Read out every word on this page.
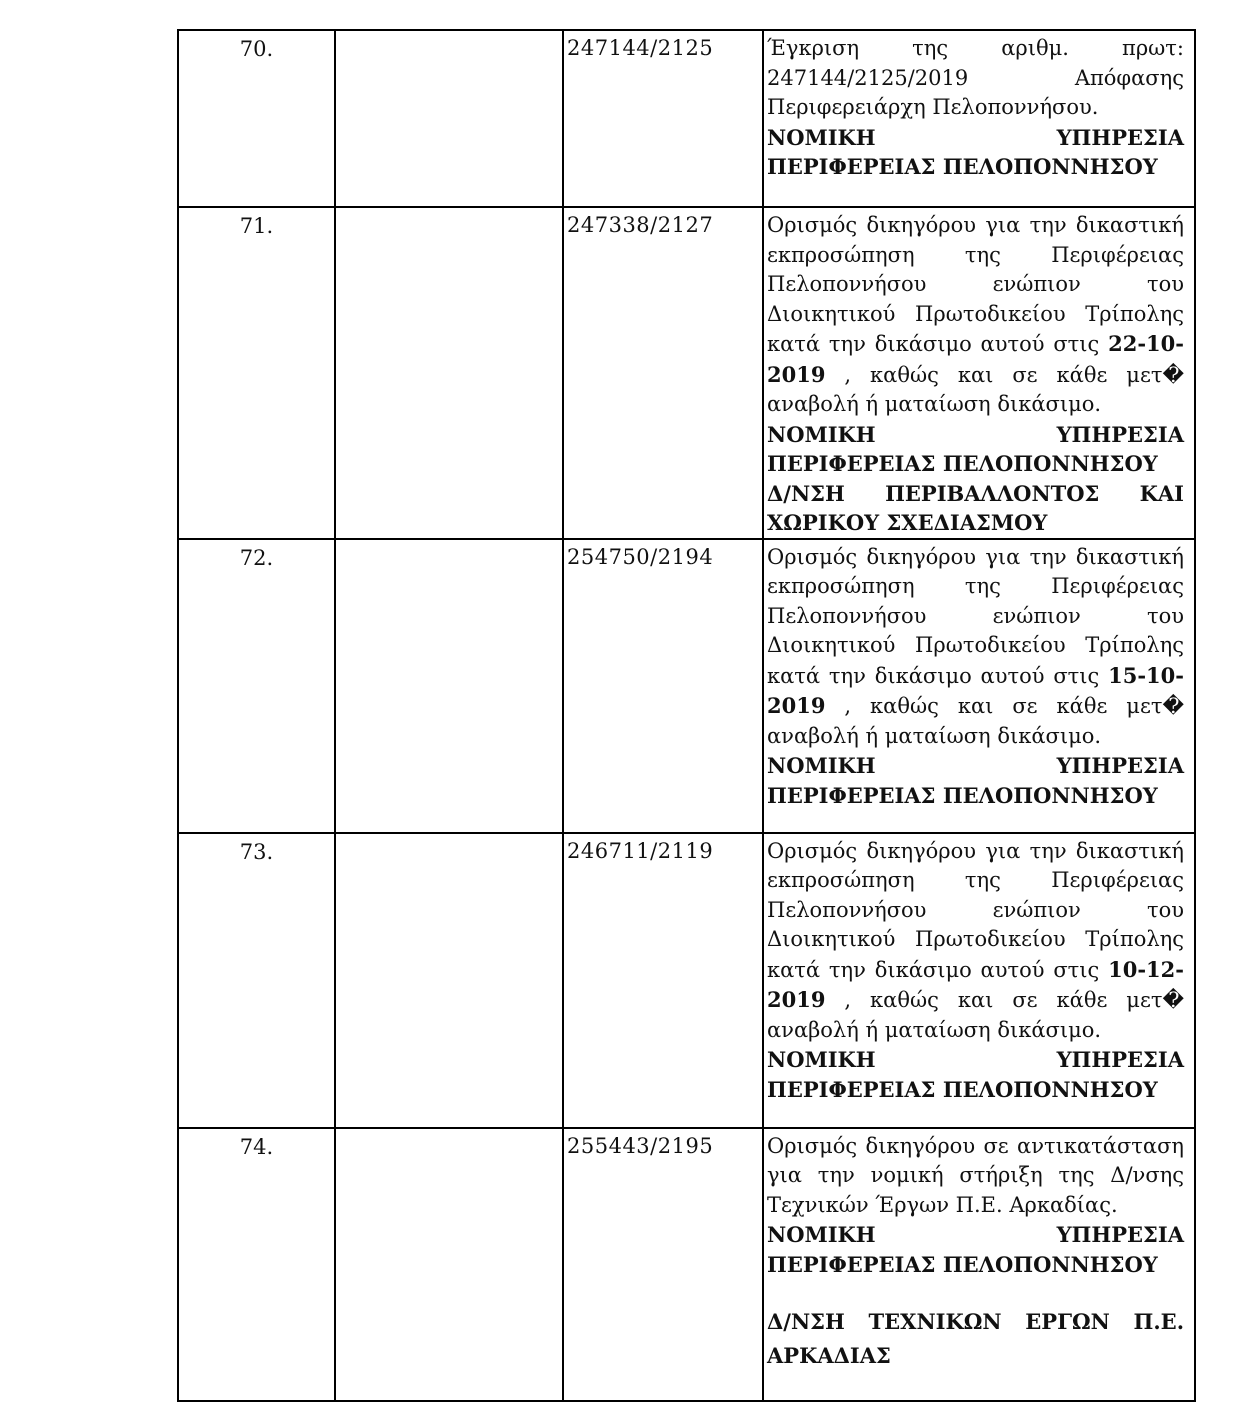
70.		247144/2125	Έγκριση της αριθμ. πρωτ: 247144/2125/2019 Απόφασης Περιφερειάρχη Πελοποννήσου.

ΝΟΜΙΚΗ ΥΠΗΡΕΣΙΑ ΠΕΡΙΦΕΡΕΙΑΣ ΠΕΛΟΠΟΝΝΗΣΟΥ

71.		247338/2127	Ορισμός δικηγόρου για την δικαστική εκπροσώπηση της Περιφέρειας Πελοποννήσου ενώπιον του Διοικητικού Πρωτοδικείου Τρίπολης κατά την δικάσιμο αυτού στις 22-10-2019 , καθώς και σε κάθε μετ� αναβολή ή ματαίωση δικάσιμο.

ΝΟΜΙΚΗ ΥΠΗΡΕΣΙΑ ΠΕΡΙΦΕΡΕΙΑΣ ΠΕΛΟΠΟΝΝΗΣΟΥ

Δ/ΝΣΗ ΠΕΡΙΒΑΛΛΟΝΤΟΣ ΚΑΙ ΧΩΡΙΚΟΥ ΣΧΕΔΙΑΣΜΟΥ

72.		254750/2194	Ορισμός δικηγόρου για την δικαστική εκπροσώπηση της Περιφέρειας Πελοποννήσου ενώπιον του Διοικητικού Πρωτοδικείου Τρίπολης κατά την δικάσιμο αυτού στις 15-10-2019 , καθώς και σε κάθε μετ� αναβολή ή ματαίωση δικάσιμο.

ΝΟΜΙΚΗ ΥΠΗΡΕΣΙΑ ΠΕΡΙΦΕΡΕΙΑΣ ΠΕΛΟΠΟΝΝΗΣΟΥ

73.		246711/2119	Ορισμός δικηγόρου για την δικαστική εκπροσώπηση της Περιφέρειας Πελοποννήσου ενώπιον του Διοικητικού Πρωτοδικείου Τρίπολης κατά την δικάσιμο αυτού στις 10-12-2019 , καθώς και σε κάθε μετ� αναβολή ή ματαίωση δικάσιμο.

ΝΟΜΙΚΗ ΥΠΗΡΕΣΙΑ ΠΕΡΙΦΕΡΕΙΑΣ ΠΕΛΟΠΟΝΝΗΣΟΥ

74.		255443/2195	Ορισμός δικηγόρου σε αντικατάσταση για την νομική στήριξη της Δ/νσης Τεχνικών Έργων Π.Ε. Αρκαδίας.

ΝΟΜΙΚΗ ΥΠΗΡΕΣΙΑ ΠΕΡΙΦΕΡΕΙΑΣ ΠΕΛΟΠΟΝΝΗΣΟΥ

Δ/ΝΣΗ ΤΕΧΝΙΚΩΝ ΕΡΓΩΝ Π.Ε. ΑΡΚΑΔΙΑΣ
